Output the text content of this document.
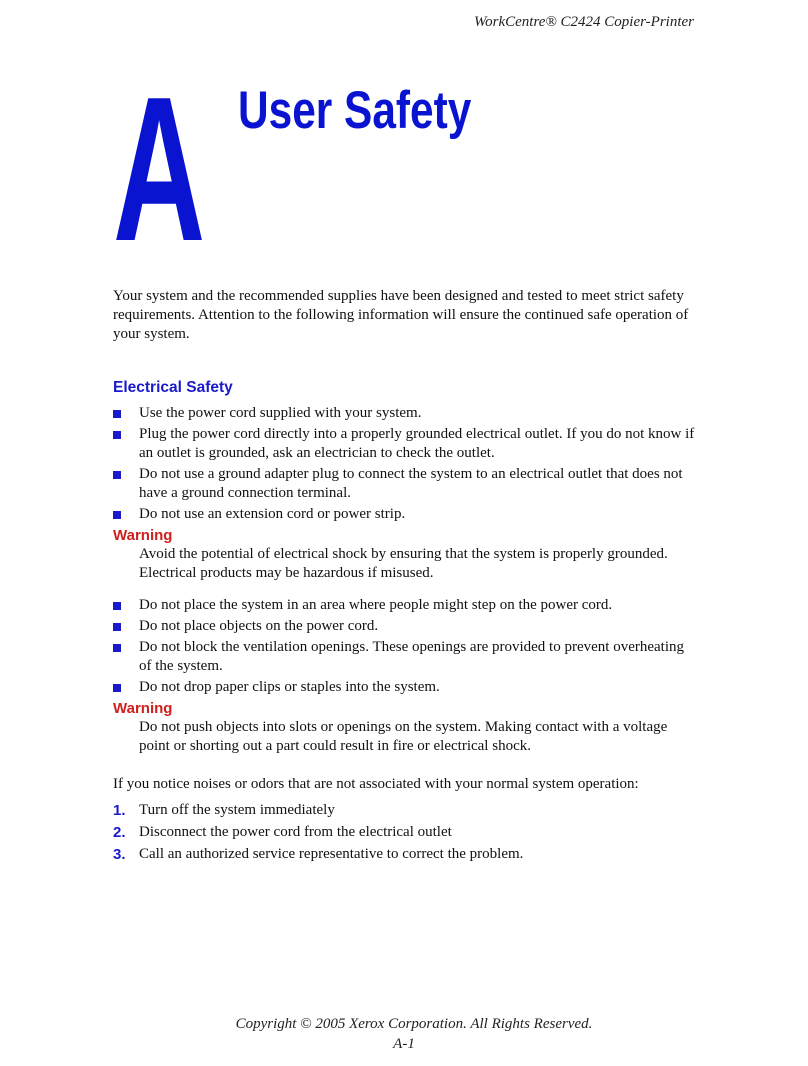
WorkCentre® C2424 Copier-Printer
A User Safety

Your system and the recommended supplies have been designed and tested to meet strict safety requirements. Attention to the following information will ensure the continued safe operation of your system.

Electrical Safety
Use the power cord supplied with your system.
Plug the power cord directly into a properly grounded electrical outlet. If you do not know if an outlet is grounded, ask an electrician to check the outlet.
Do not use a ground adapter plug to connect the system to an electrical outlet that does not have a ground connection terminal.
Do not use an extension cord or power strip.

Warning

Avoid the potential of electrical shock by ensuring that the system is properly grounded. Electrical products may be hazardous if misused.

Do not place the system in an area where people might step on the power cord.
Do not place objects on the power cord.
Do not block the ventilation openings. These openings are provided to prevent overheating of the system.
Do not drop paper clips or staples into the system.

Warning

Do not push objects into slots or openings on the system. Making contact with a voltage point or shorting out a part could result in fire or electrical shock.

If you notice noises or odors that are not associated with your normal system operation:

1. Turn off the system immediately
2. Disconnect the power cord from the electrical outlet
3. Call an authorized service representative to correct the problem.
Copyright © 2005 Xerox Corporation. All Rights Reserved.
A-1
